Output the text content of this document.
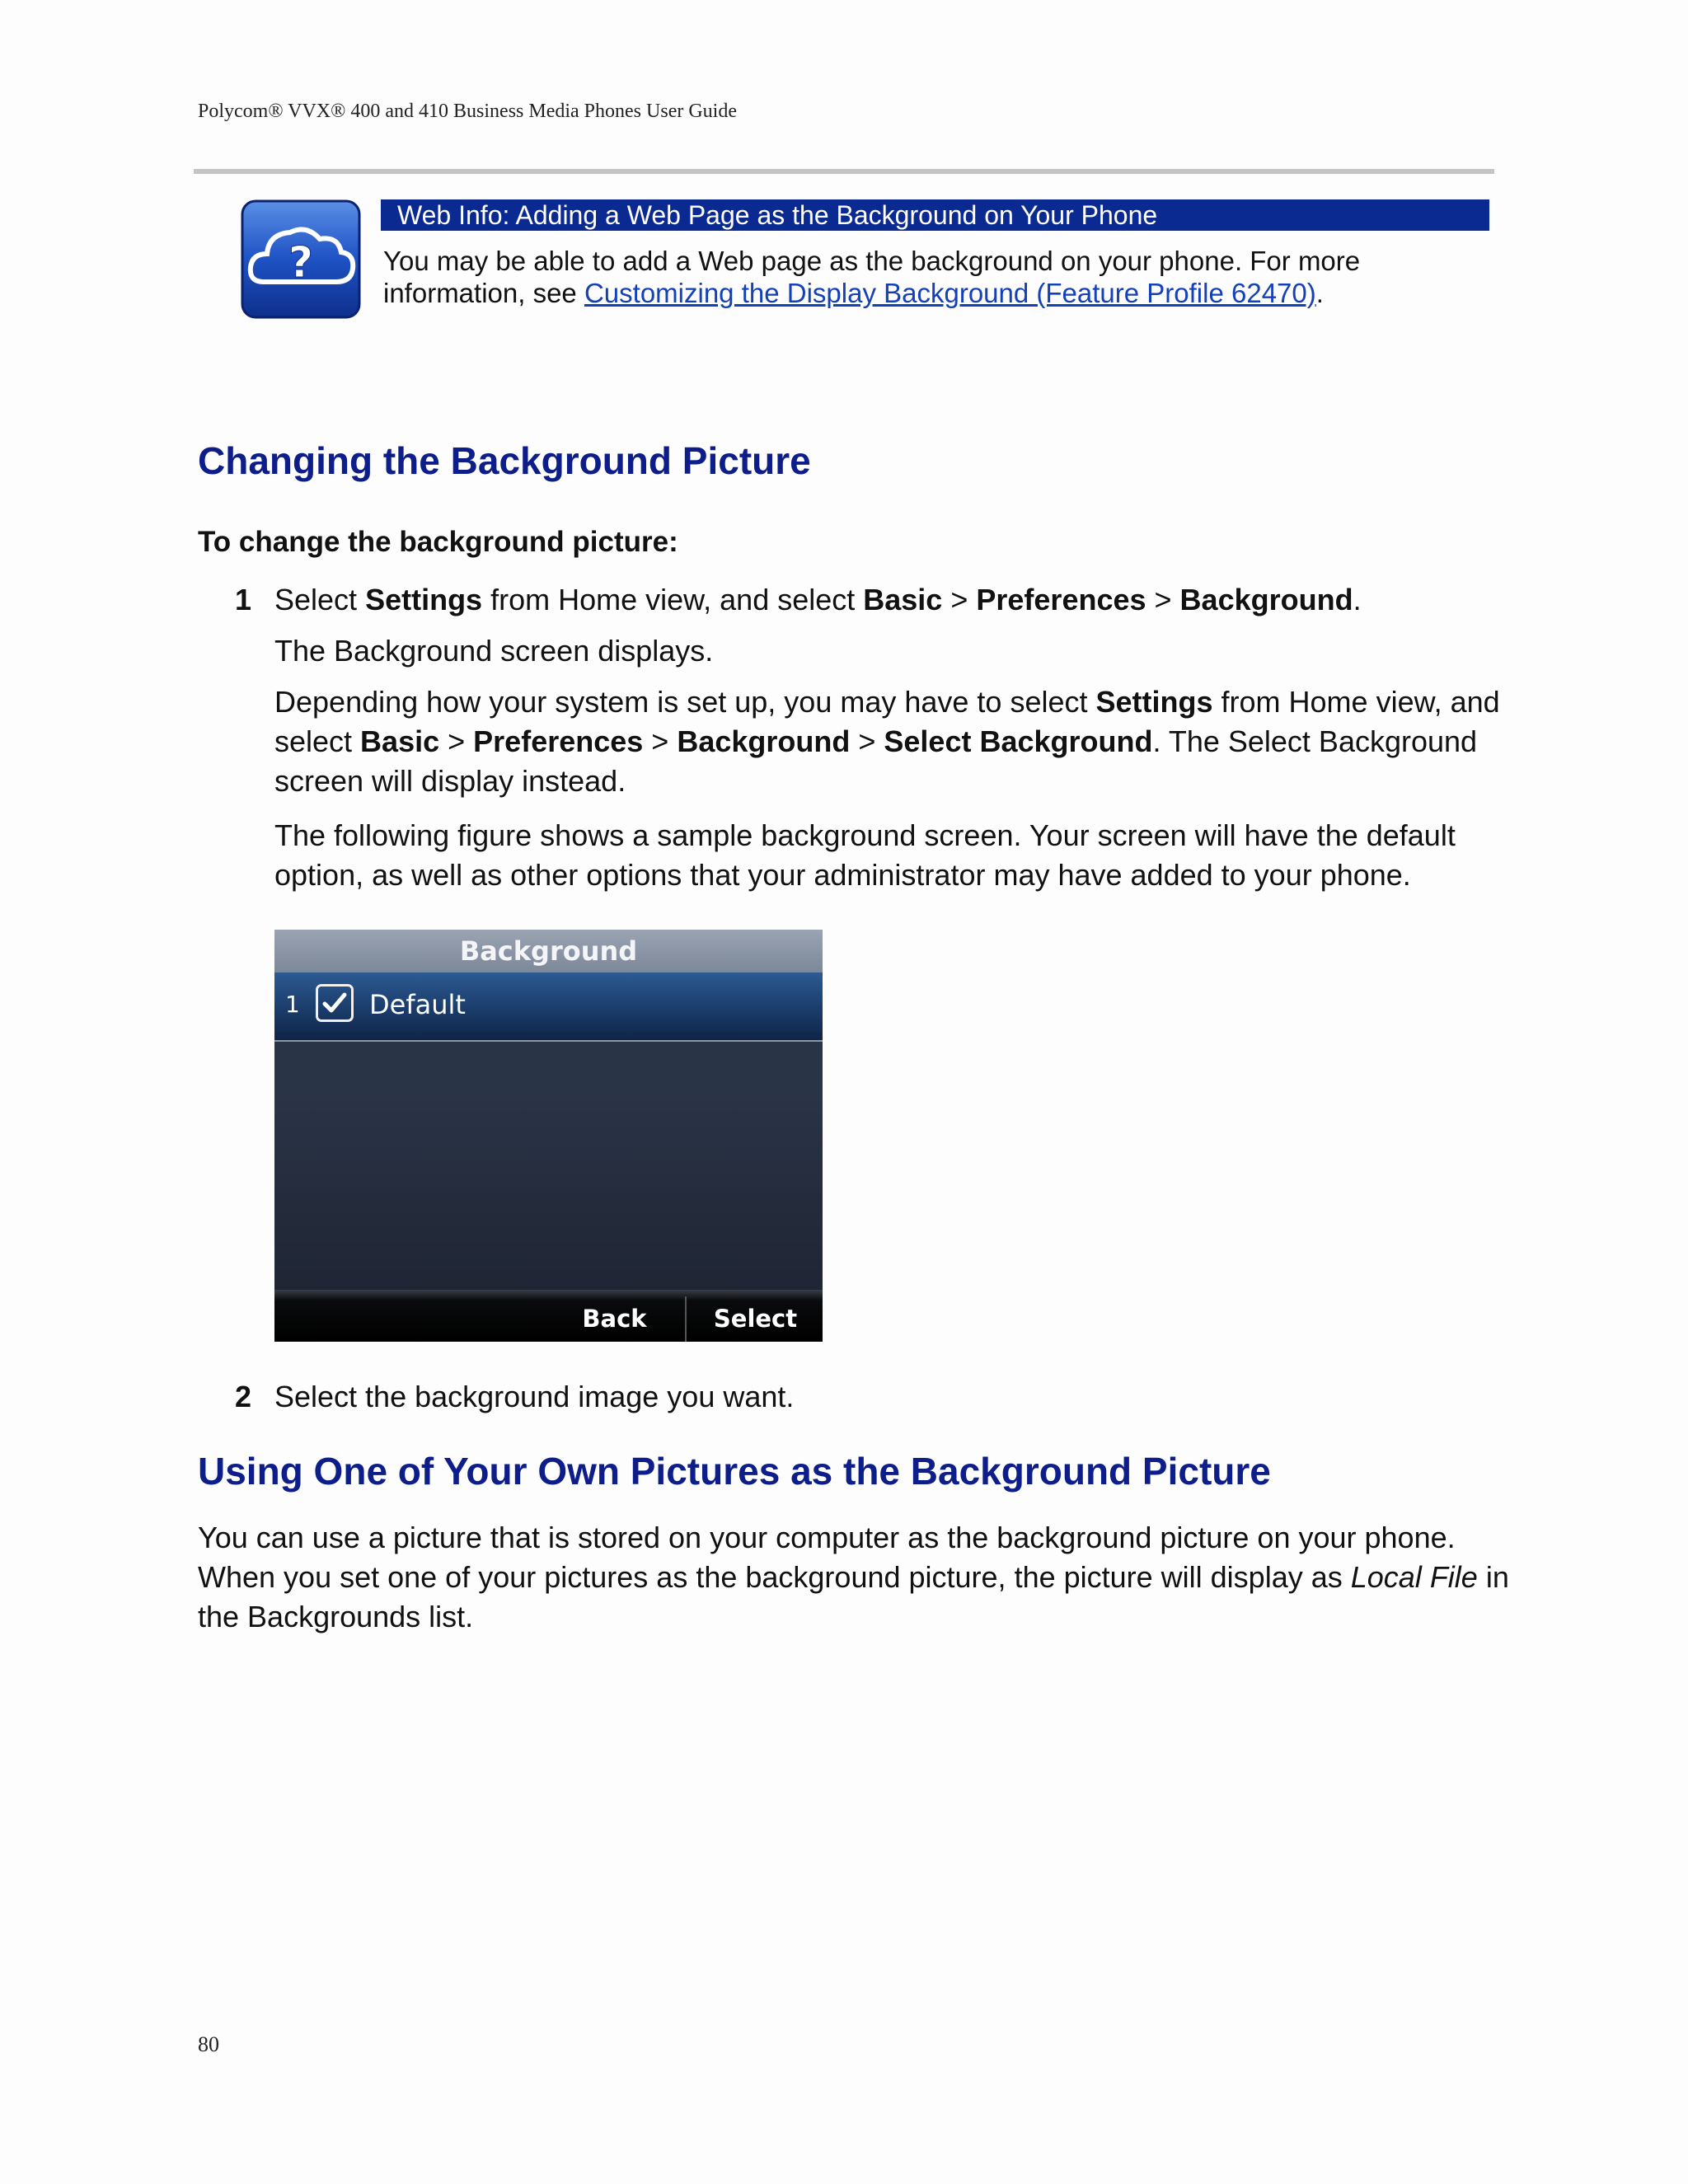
Polycom® VVX® 400 and 410 Business Media Phones User Guide
?
Web Info: Adding a Web Page as the Background on Your Phone
You may be able to add a Web page as the background on your phone. For more information, see Customizing the Display Background (Feature Profile 62470).
Changing the Background Picture
To change the background picture:
1 Select Settings from Home view, and select Basic > Preferences > Background.
The Background screen displays.
Depending how your system is set up, you may have to select Settings from Home view, and select Basic > Preferences > Background > Select Background. The Select Background screen will display instead.
The following figure shows a sample background screen. Your screen will have the default option, as well as other options that your administrator may have added to your phone.
Background
1	Default
Back	Select
2 Select the background image you want.
Using One of Your Own Pictures as the Background Picture
You can use a picture that is stored on your computer as the background picture on your phone. When you set one of your pictures as the background picture, the picture will display as Local File in the Backgrounds list.
80
